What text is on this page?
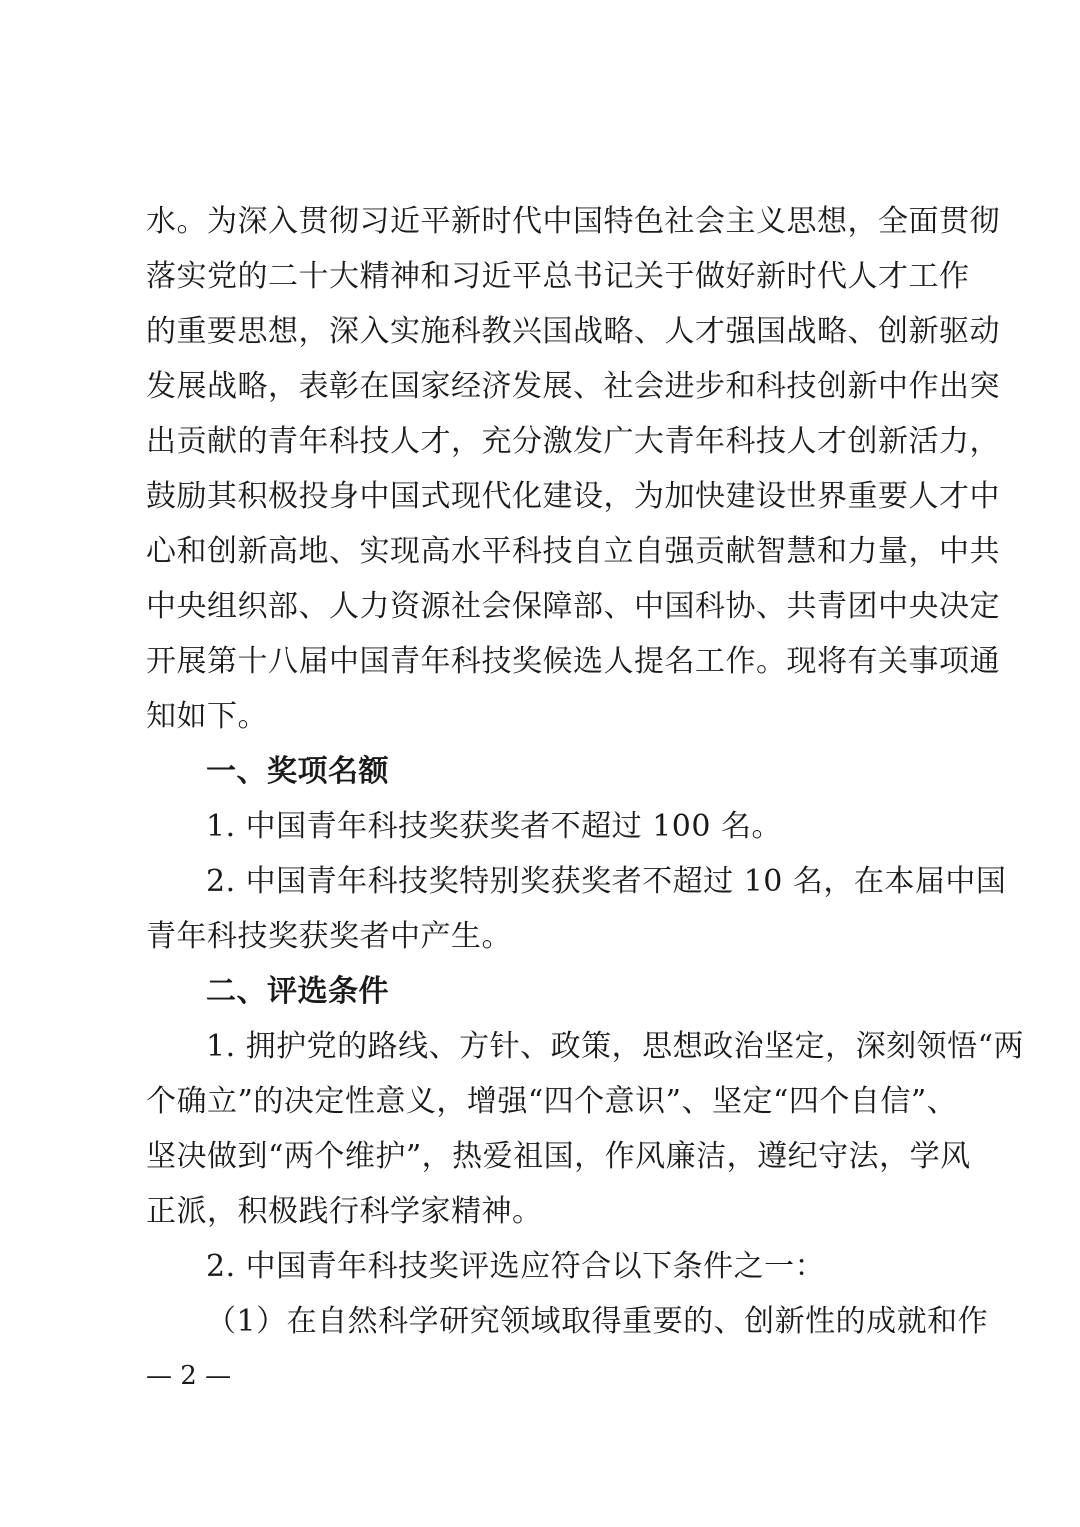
水。为深入贯彻习近平新时代中国特色社会主义思想，全面贯彻
落实党的二十大精神和习近平总书记关于做好新时代人才工作
的重要思想，深入实施科教兴国战略、人才强国战略、创新驱动
发展战略，表彰在国家经济发展、社会进步和科技创新中作出突
出贡献的青年科技人才，充分激发广大青年科技人才创新活力，
鼓励其积极投身中国式现代化建设，为加快建设世界重要人才中
心和创新高地、实现高水平科技自立自强贡献智慧和力量，中共
中央组织部、人力资源社会保障部、中国科协、共青团中央决定
开展第十八届中国青年科技奖候选人提名工作。现将有关事项通
知如下。
一、奖项名额
1. 中国青年科技奖获奖者不超过 100 名。
2. 中国青年科技奖特别奖获奖者不超过 10 名，在本届中国
青年科技奖获奖者中产生。
二、评选条件
1. 拥护党的路线、方针、政策，思想政治坚定，深刻领悟“两
个确立”的决定性意义，增强“四个意识”、坚定“四个自信”、
坚决做到“两个维护”，热爱祖国，作风廉洁，遵纪守法，学风
正派，积极践行科学家精神。
2. 中国青年科技奖评选应符合以下条件之一：
（1）在自然科学研究领域取得重要的、创新性的成就和作
— 2 —
